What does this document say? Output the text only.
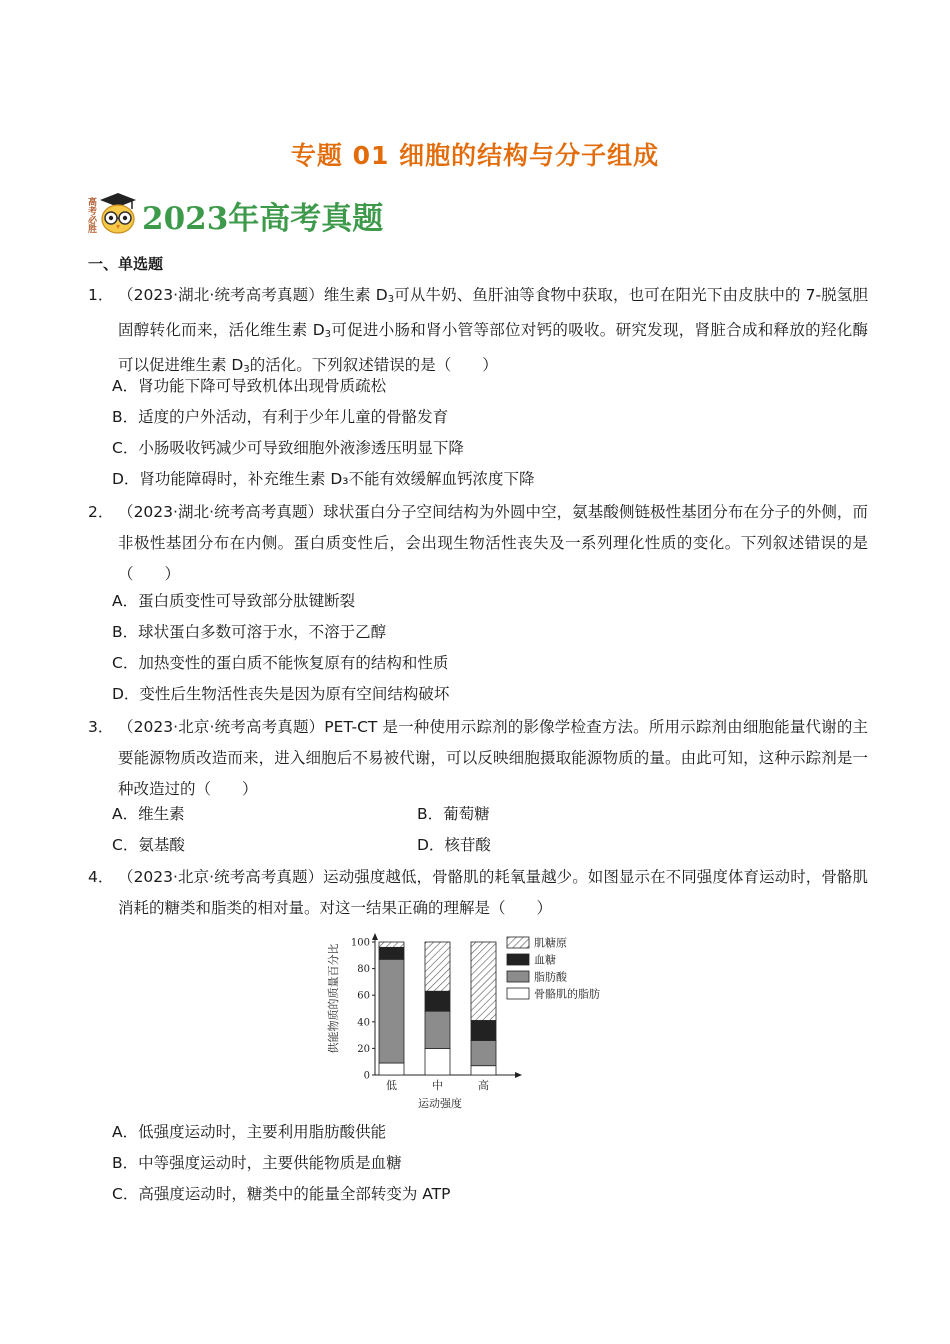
专题 01 细胞的结构与分子组成
高考必胜 2023年高考真题
一、单选题
1． （2023·湖北·统考高考真题）维生素 $D_3$可从牛奶、鱼肝油等食物中获取，也可在阳光下由皮肤中的 7-脱氢胆固醇转化而来，活化维生素 $D_3$可促进小肠和肾小管等部位对钙的吸收。研究发现，肾脏合成和释放的羟化酶可以促进维生素 $D_3$的活化。下列叙述错误的是（　　）
A．肾功能下降可导致机体出现骨质疏松
B．适度的户外活动，有利于少年儿童的骨骼发育
C．小肠吸收钙减少可导致细胞外液渗透压明显下降
D．肾功能障碍时，补充维生素 D₃不能有效缓解血钙浓度下降
2． （2023·湖北·统考高考真题）球状蛋白分子空间结构为外圆中空，氨基酸侧链极性基团分布在分子的外侧，而非极性基团分布在内侧。蛋白质变性后，会出现生物活性丧失及一系列理化性质的变化。下列叙述错误的是（　　）
A．蛋白质变性可导致部分肽键断裂
B．球状蛋白多数可溶于水，不溶于乙醇
C．加热变性的蛋白质不能恢复原有的结构和性质
D．变性后生物活性丧失是因为原有空间结构破坏
3． （2023·北京·统考高考真题）PET-CT 是一种使用示踪剂的影像学检查方法。所用示踪剂由细胞能量代谢的主要能源物质改造而来，进入细胞后不易被代谢，可以反映细胞摄取能源物质的量。由此可知，这种示踪剂是一种改造过的（　　）
A．维生素	B．葡萄糖
C．氨基酸	D．核苷酸
4． （2023·北京·统考高考真题）运动强度越低，骨骼肌的耗氧量越少。如图显示在不同强度体育运动时，骨骼肌消耗的糖类和脂类的相对量。对这一结果正确的理解是（　　）
0
20
40
60
80
100
供能物质的质量百分比
低	中	高
运动强度
肌糖原
血糖
脂肪酸
骨骼肌的脂肪
A．低强度运动时，主要利用脂肪酸供能
B．中等强度运动时，主要供能物质是血糖
C．高强度运动时，糖类中的能量全部转变为 ATP
